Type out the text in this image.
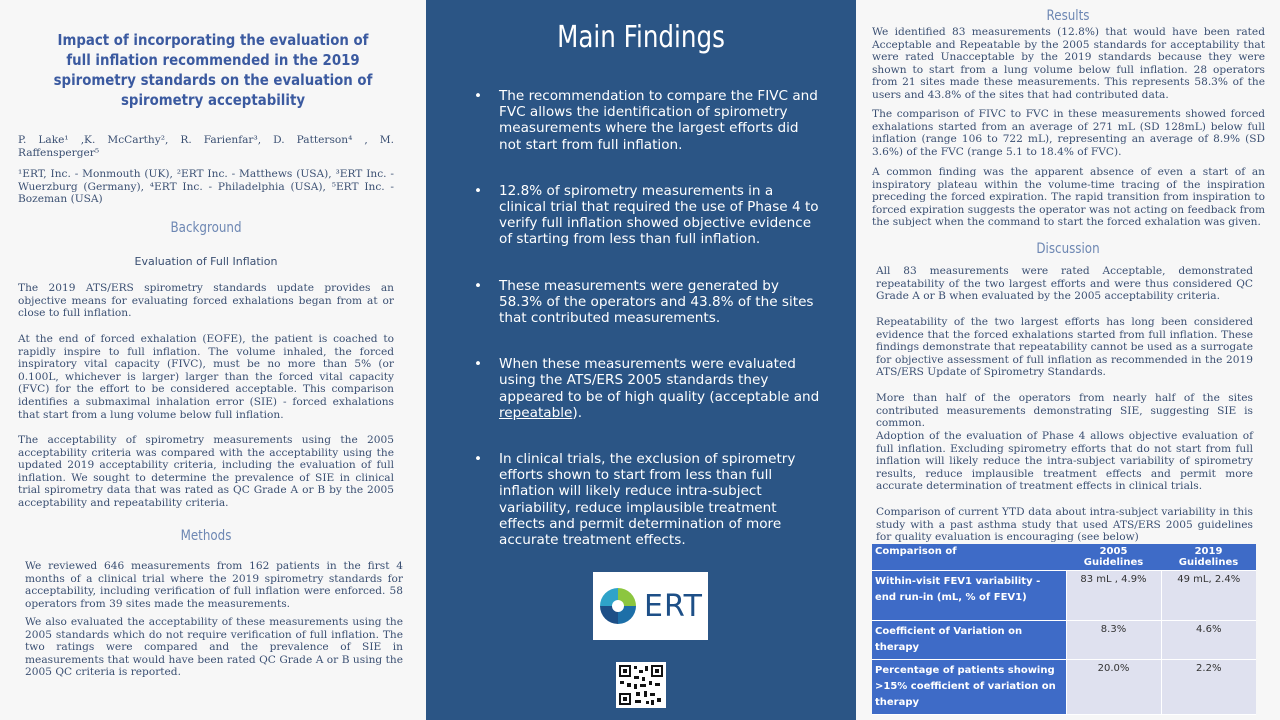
Impact of incorporating the evaluation of full inflation recommended in the 2019 spirometry standards on the evaluation of spirometry acceptability
P. Lake¹ ,K. McCarthy², R. Farienfar³, D. Patterson⁴ , M. Raffensperger⁵
¹ERT, Inc. - Monmouth (UK), ²ERT Inc. - Matthews (USA), ³ERT Inc. - Wuerzburg (Germany), ⁴ERT Inc. - Philadelphia (USA), ⁵ERT Inc. - Bozeman (USA)
Background
Evaluation of Full Inflation
The 2019 ATS/ERS spirometry standards update provides an objective means for evaluating forced exhalations began from at or close to full inflation.
At the end of forced exhalation (EOFE), the patient is coached to rapidly inspire to full inflation. The volume inhaled, the forced inspiratory vital capacity (FIVC), must be no more than 5% (or 0.100L, whichever is larger) larger than the forced vital capacity (FVC) for the effort to be considered acceptable. This comparison identifies a submaximal inhalation error (SIE) - forced exhalations that start from a lung volume below full inflation.
The acceptability of spirometry measurements using the 2005 acceptability criteria was compared with the acceptability using the updated 2019 acceptability criteria, including the evaluation of full inflation. We sought to determine the prevalence of SIE in clinical trial spirometry data that was rated as QC Grade A or B by the 2005 acceptability and repeatability criteria.
Methods
We reviewed 646 measurements from 162 patients in the first 4 months of a clinical trial where the 2019 spirometry standards for acceptability, including verification of full inflation were enforced. 58 operators from 39 sites made the measurements.
We also evaluated the acceptability of these measurements using the 2005 standards which do not require verification of full inflation. The two ratings were compared and the prevalence of SIE in measurements that would have been rated QC Grade A or B using the 2005 QC criteria is reported.
Main Findings
• The recommendation to compare the FIVC and FVC allows the identification of spirometry measurements where the largest efforts did not start from full inflation.
• 12.8% of spirometry measurements in a clinical trial that required the use of Phase 4 to verify full inflation showed objective evidence of starting from less than full inflation.
• These measurements were generated by 58.3% of the operators and 43.8% of the sites that contributed measurements.
• When these measurements were evaluated using the ATS/ERS 2005 standards they appeared to be of high quality (acceptable and repeatable).
• In clinical trials, the exclusion of spirometry efforts shown to start from less than full inflation will likely reduce intra-subject variability, reduce implausible treatment effects and permit determination of more accurate treatment effects.
ERT
Results
We identified 83 measurements (12.8%) that would have been rated Acceptable and Repeatable by the 2005 standards for acceptability that were rated Unacceptable by the 2019 standards because they were shown to start from a lung volume below full inflation. 28 operators from 21 sites made these measurements. This represents 58.3% of the users and 43.8% of the sites that had contributed data.
The comparison of FIVC to FVC in these measurements showed forced exhalations started from an average of 271 mL (SD 128mL) below full inflation (range 106 to 722 mL), representing an average of 8.9% (SD 3.6%) of the FVC (range 5.1 to 18.4% of FVC).
A common finding was the apparent absence of even a start of an inspiratory plateau within the volume-time tracing of the inspiration preceding the forced expiration. The rapid transition from inspiration to forced expiration suggests the operator was not acting on feedback from the subject when the command to start the forced exhalation was given.
Discussion
All 83 measurements were rated Acceptable, demonstrated repeatability of the two largest efforts and were thus considered QC Grade A or B when evaluated by the 2005 acceptability criteria.
Repeatability of the two largest efforts has long been considered evidence that the forced exhalations started from full inflation. These findings demonstrate that repeatability cannot be used as a surrogate for objective assessment of full inflation as recommended in the 2019 ATS/ERS Update of Spirometry Standards.
More than half of the operators from nearly half of the sites contributed measurements demonstrating SIE, suggesting SIE is common.
Adoption of the evaluation of Phase 4 allows objective evaluation of full inflation. Excluding spirometry efforts that do not start from full inflation will likely reduce the intra-subject variability of spirometry results, reduce implausible treatment effects and permit more accurate determination of treatment effects in clinical trials.
Comparison of current YTD data about intra-subject variability in this study with a past asthma study that used ATS/ERS 2005 guidelines for quality evaluation is encouraging (see below)
Comparison of	2005 Guidelines	2019 Guidelines
Within-visit FEV1 variability - end run-in (mL, % of FEV1)	83 mL , 4.9%	49 mL, 2.4%
Coefficient of Variation on therapy	8.3%	4.6%
Percentage of patients showing >15% coefficient of variation on therapy	20.0%	2.2%
